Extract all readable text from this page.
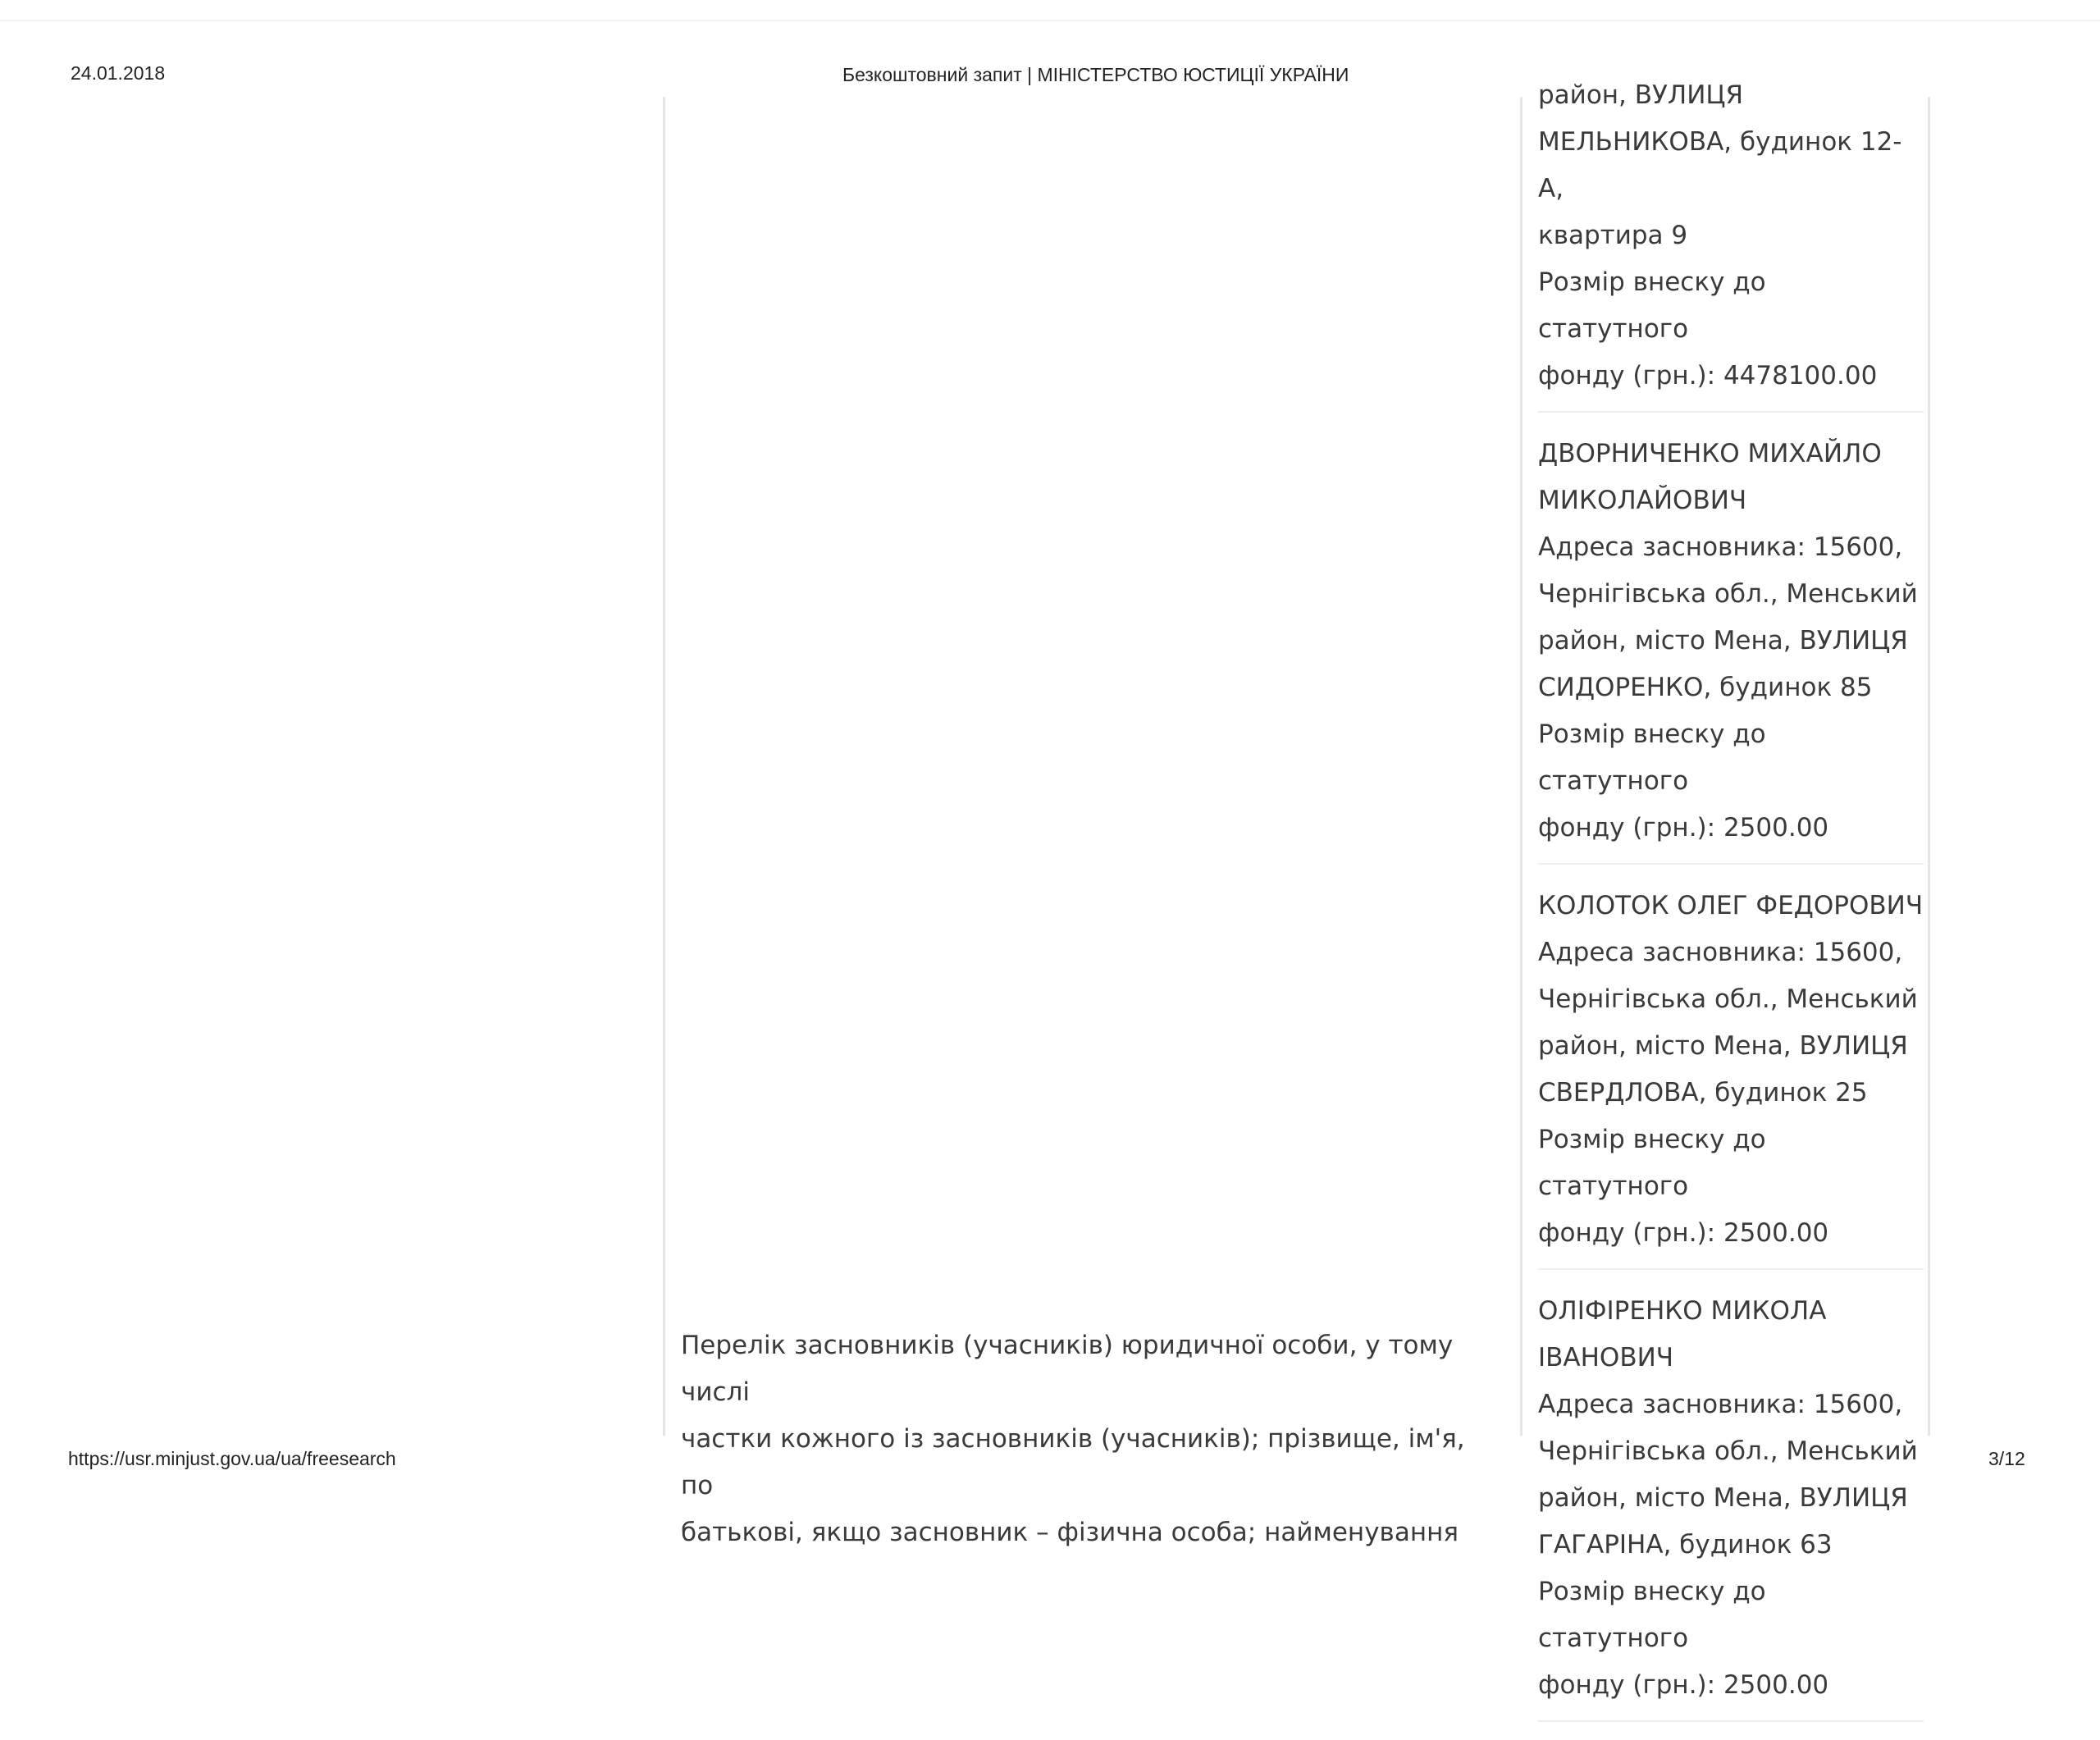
24.01.2018	Безкоштовний запит | МІНІСТЕРСТВО ЮСТИЦІЇ УКРАЇНИ
Перелік засновників (учасників) юридичної особи, у тому числі
частки кожного із засновників (учасників); прізвище, ім'я, по
батькові, якщо засновник – фізична особа; найменування
район, ВУЛИЦЯ
МЕЛЬНИКОВА, будинок 12-А,
квартира 9
Розмір внеску до статутного
фонду (грн.): 4478100.00
ДВОРНИЧЕНКО МИХАЙЛО
МИКОЛАЙОВИЧ
Адреса засновника: 15600,
Чернігівська обл., Менський
район, місто Мена, ВУЛИЦЯ
СИДОРЕНКО, будинок 85
Розмір внеску до статутного
фонду (грн.): 2500.00
КОЛОТОК ОЛЕГ ФЕДОРОВИЧ
Адреса засновника: 15600,
Чернігівська обл., Менський
район, місто Мена, ВУЛИЦЯ
СВЕРДЛОВА, будинок 25
Розмір внеску до статутного
фонду (грн.): 2500.00
ОЛІФІРЕНКО МИКОЛА
ІВАНОВИЧ
Адреса засновника: 15600,
Чернігівська обл., Менський
район, місто Мена, ВУЛИЦЯ
ГАГАРІНА, будинок 63
Розмір внеску до статутного
фонду (грн.): 2500.00
https://usr.minjust.gov.ua/ua/freesearch	3/12
